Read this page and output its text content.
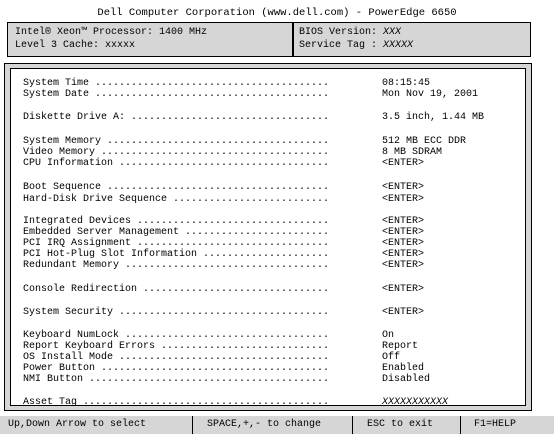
Dell Computer Corporation (www.dell.com) - PowerEdge 6650
Intel® Xeon™ Processor: 1400 MHz
Level 3 Cache: xxxxx
BIOS Version: XXX
Service Tag : XXXXX

System Time .......................................

	08:15:45

System Date .......................................

	Mon Nov 19, 2001

Diskette Drive A: .................................

	3.5 inch, 1.44 MB

System Memory .....................................

	512 MB ECC DDR

Video Memory ......................................

	8 MB SDRAM

CPU Information ...................................

	<ENTER>

Boot Sequence .....................................

	<ENTER>

Hard-Disk Drive Sequence ..........................

	<ENTER>

Integrated Devices ................................

	<ENTER>

Embedded Server Management ........................

	<ENTER>

PCI IRQ Assignment ................................

	<ENTER>

PCI Hot-Plug Slot Information .....................

	<ENTER>

Redundant Memory ..................................

	<ENTER>

Console Redirection ...............................

	<ENTER>

System Security ...................................

	<ENTER>

Keyboard NumLock ..................................

	On

Report Keyboard Errors ............................

	Report

OS Install Mode ...................................

	Off

Power Button ......................................

	Enabled

NMI Button ........................................

	Disabled

Asset Tag .........................................

	XXXXXXXXXXX

Up,Down Arrow to select	SPACE,+,- to change	ESC to exit	F1=HELP
